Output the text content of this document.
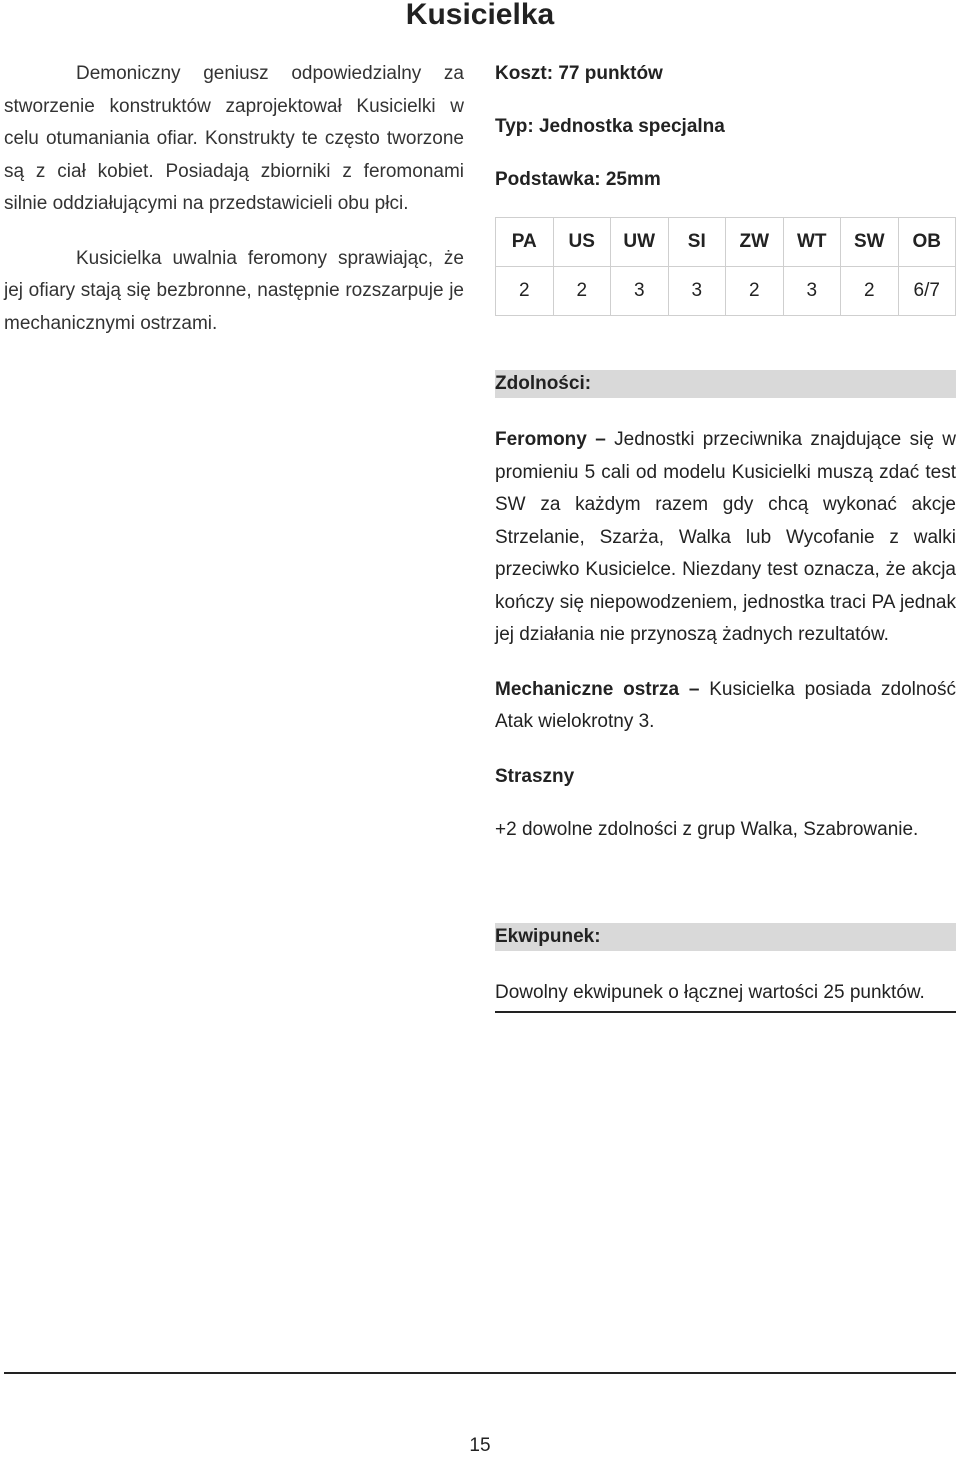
Kusicielka

Demoniczny geniusz odpowiedzialny za stworzenie konstruktów zaprojektował Kusicielki w celu otumaniania ofiar. Konstrukty te często tworzone są z ciał kobiet. Posiadają zbiorniki z feromonami silnie oddziałującymi na przedstawicieli obu płci.

Kusicielka uwalnia feromony sprawiając, że jej ofiary stają się bezbronne, następnie rozszarpuje je mechanicznymi ostrzami.

Koszt: 77 punktów
Typ: Jednostka specjalna
Podstawka: 25mm
PA	US	UW	SI	ZW	WT	SW	OB
2	2	3	3	2	3	2	6/7
Zdolności:

Feromony – Jednostki przeciwnika znajdujące się w promieniu 5 cali od modelu Kusicielki muszą zdać test SW za każdym razem gdy chcą wykonać akcje Strzelanie, Szarża, Walka lub Wycofanie z walki przeciwko Kusicielce. Niezdany test oznacza, że akcja kończy się niepowodzeniem, jednostka traci PA jednak jej działania nie przynoszą żadnych rezultatów.

Mechaniczne ostrza – Kusicielka posiada zdolność Atak wielokrotny 3.

Straszny

+2 dowolne zdolności z grup Walka, Szabrowanie.

Ekwipunek:

Dowolny ekwipunek o łącznej wartości 25 punktów.

15
